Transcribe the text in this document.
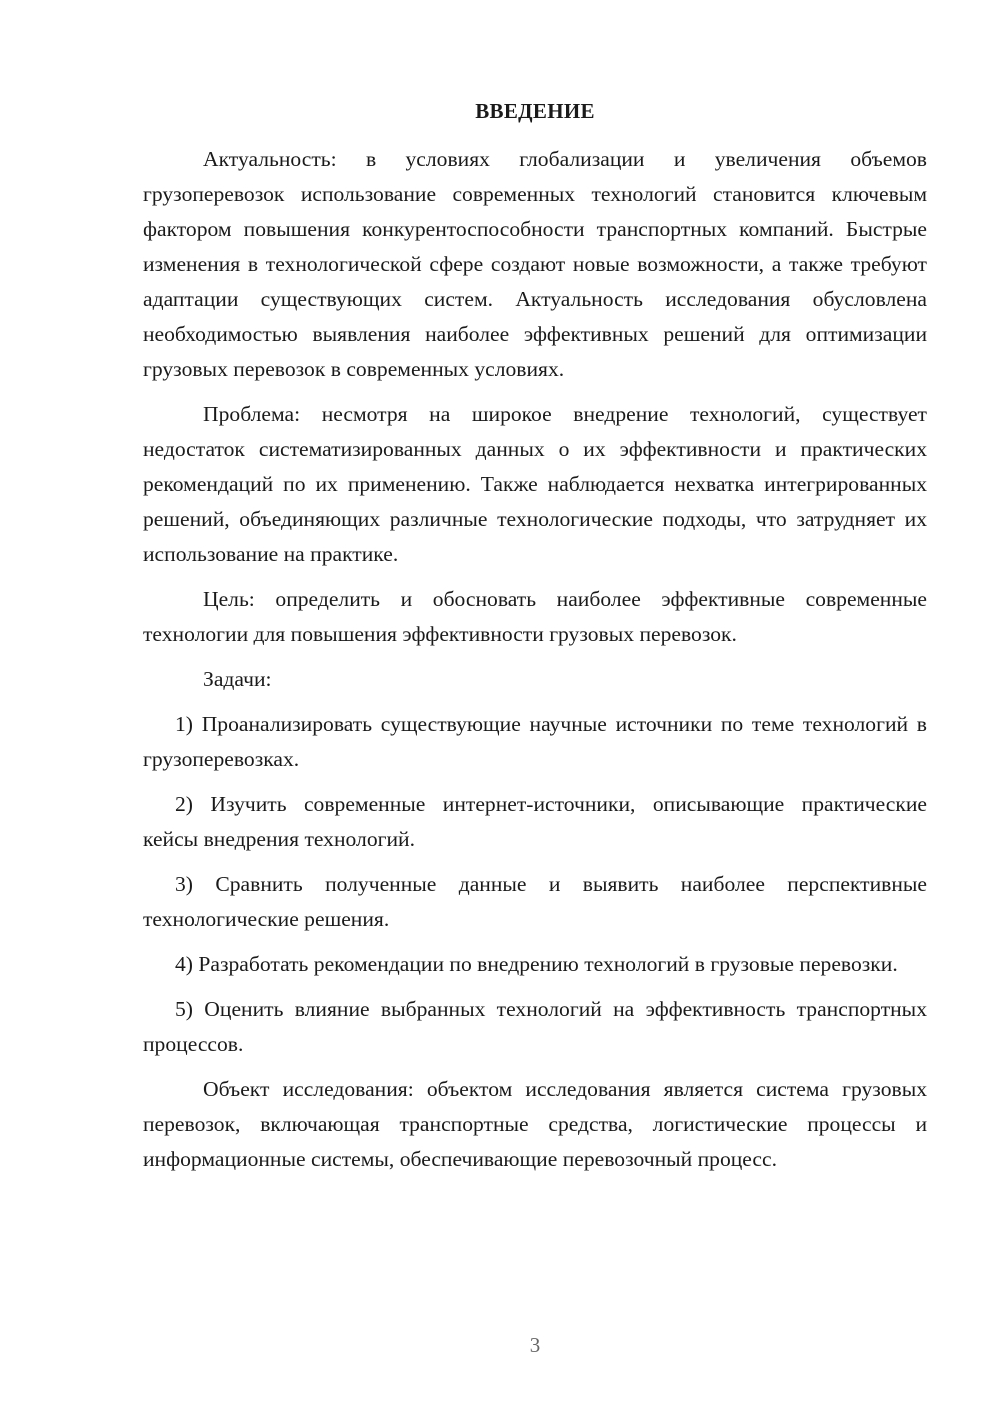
ВВЕДЕНИЕ

Актуальность: в условиях глобализации и увеличения объемов грузоперевозок использование современных технологий становится ключевым фактором повышения конкурентоспособности транспортных компаний. Быстрые изменения в технологической сфере создают новые возможности, а также требуют адаптации существующих систем. Актуальность исследования обусловлена необходимостью выявления наиболее эффективных решений для оптимизации грузовых перевозок в современных условиях.

Проблема: несмотря на широкое внедрение технологий, существует недостаток систематизированных данных о их эффективности и практических рекомендаций по их применению. Также наблюдается нехватка интегрированных решений, объединяющих различные технологические подходы, что затрудняет их использование на практике.

Цель: определить и обосновать наиболее эффективные современные технологии для повышения эффективности грузовых перевозок.

Задачи:

1) Проанализировать существующие научные источники по теме технологий в грузоперевозках.

2) Изучить современные интернет-источники, описывающие практические кейсы внедрения технологий.

3) Сравнить полученные данные и выявить наиболее перспективные технологические решения.

4) Разработать рекомендации по внедрению технологий в грузовые перевозки.

5) Оценить влияние выбранных технологий на эффективность транспортных процессов.

Объект исследования: объектом исследования является система грузовых перевозок, включающая транспортные средства, логистические процессы и информационные системы, обеспечивающие перевозочный процесс.

3
